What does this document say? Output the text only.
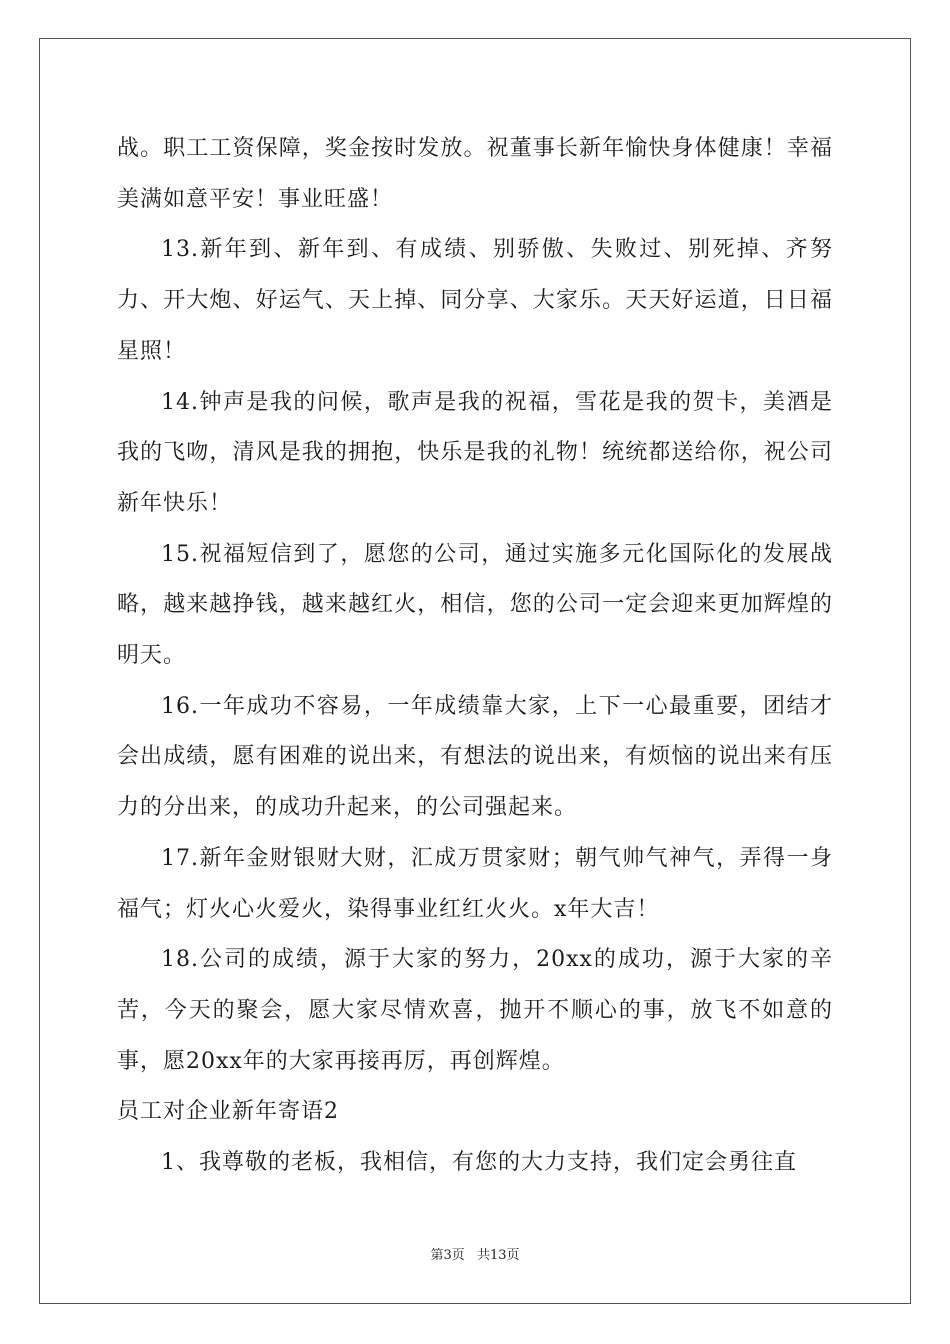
战。职工工资保障，奖金按时发放。祝董事长新年愉快身体健康！幸福美满如意平安！事业旺盛！

13.新年到、新年到、有成绩、别骄傲、失败过、别死掉、齐努力、开大炮、好运气、天上掉、同分享、大家乐。天天好运道，日日福星照！

14.钟声是我的问候，歌声是我的祝福，雪花是我的贺卡，美酒是我的飞吻，清风是我的拥抱，快乐是我的礼物！统统都送给你，祝公司新年快乐！

15.祝福短信到了，愿您的公司，通过实施多元化国际化的发展战略，越来越挣钱，越来越红火，相信，您的公司一定会迎来更加辉煌的明天。

16.一年成功不容易，一年成绩靠大家，上下一心最重要，团结才会出成绩，愿有困难的说出来，有想法的说出来，有烦恼的说出来有压力的分出来，的成功升起来，的公司强起来。

17.新年金财银财大财，汇成万贯家财；朝气帅气神气，弄得一身福气；灯火心火爱火，染得事业红红火火。x年大吉！

18.公司的成绩，源于大家的努力，20xx的成功，源于大家的辛苦，今天的聚会，愿大家尽情欢喜，抛开不顺心的事，放飞不如意的事，愿20xx年的大家再接再厉，再创辉煌。

员工对企业新年寄语2

1、我尊敬的老板，我相信，有您的大力支持，我们定会勇往直

第3页 共13页
